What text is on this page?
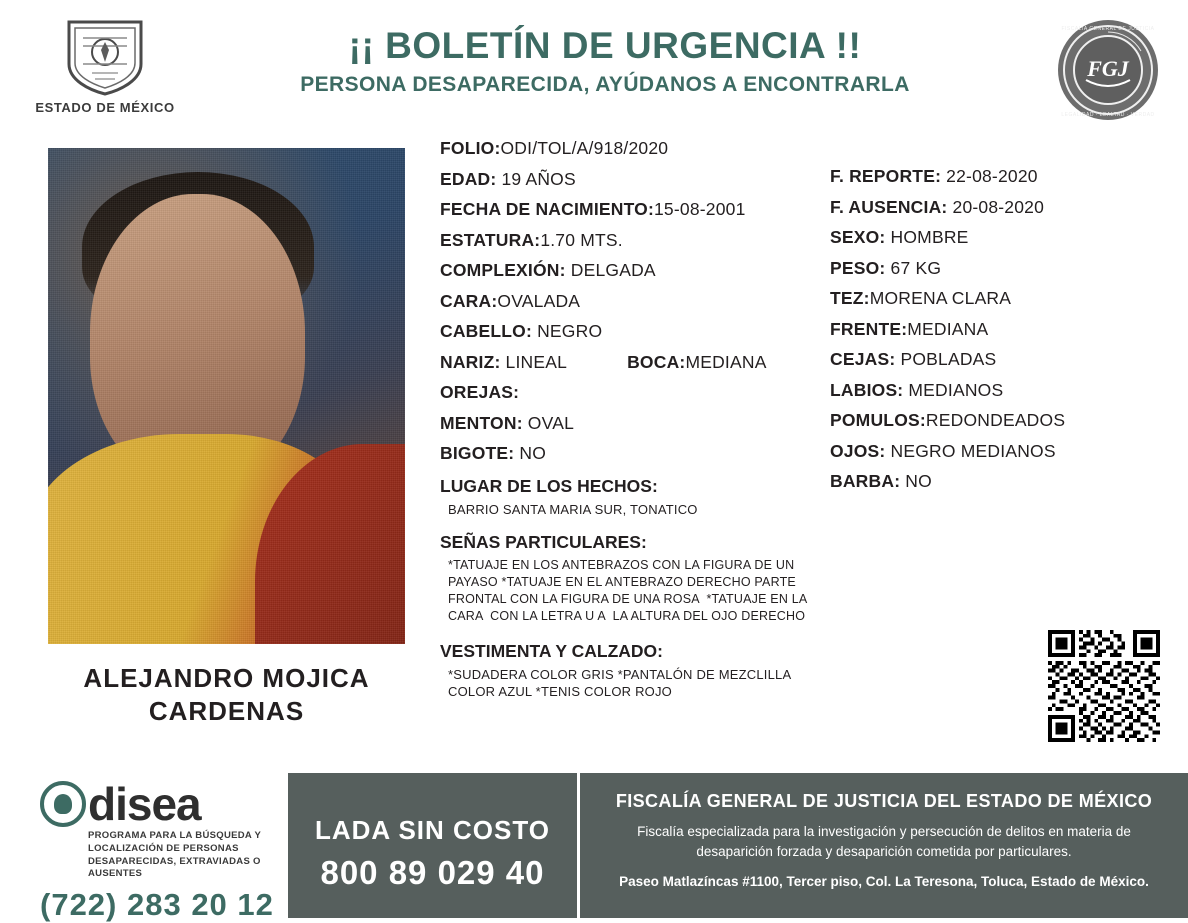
ESTADO DE MÉXICO
¡¡ BOLETÍN DE URGENCIA !!
PERSONA DESAPARECIDA, AYÚDANOS A ENCONTRARLA
FGJ
FISCALIA GENERAL DE JUSTICIA
LEGALIDAD · LEALTAD · VERDAD
ALEJANDRO MOJICA CARDENAS
FOLIO:ODI/TOL/A/918/2020
EDAD: 19 AÑOS
FECHA DE NACIMIENTO:15-08-2001
ESTATURA:1.70 MTS.
COMPLEXIÓN: DELGADA
CARA:OVALADA
CABELLO: NEGRO
NARIZ: LINEAL	BOCA:MEDIANA
OREJAS:
MENTON: OVAL
BIGOTE: NO
LUGAR DE LOS HECHOS:
BARRIO SANTA MARIA SUR, TONATICO
SEÑAS PARTICULARES:
*TATUAJE EN LOS ANTEBRAZOS CON LA FIGURA DE UN PAYASO *TATUAJE EN EL ANTEBRAZO DERECHO PARTE FRONTAL CON LA FIGURA DE UNA ROSA  *TATUAJE EN LA CARA  CON LA LETRA U A  LA ALTURA DEL OJO DERECHO
VESTIMENTA Y CALZADO:
*SUDADERA COLOR GRIS *PANTALÓN DE MEZCLILLA COLOR AZUL *TENIS COLOR ROJO
F. REPORTE: 22-08-2020
F. AUSENCIA: 20-08-2020
SEXO: HOMBRE
PESO: 67 KG
TEZ:MORENA CLARA
FRENTE:MEDIANA
CEJAS: POBLADAS
LABIOS: MEDIANOS
POMULOS:REDONDEADOS
OJOS: NEGRO MEDIANOS
BARBA: NO
disea
PROGRAMA PARA LA BÚSQUEDA Y LOCALIZACIÓN DE PERSONAS DESAPARECIDAS, EXTRAVIADAS O AUSENTES
(722) 283 20 12
LADA SIN COSTO
800 89 029 40
FISCALÍA GENERAL DE JUSTICIA DEL ESTADO DE MÉXICO
Fiscalía especializada para la investigación y persecución de delitos en materia de desaparición forzada y desaparición cometida por particulares.
Paseo Matlazíncas #1100, Tercer piso, Col. La Teresona, Toluca, Estado de México.
